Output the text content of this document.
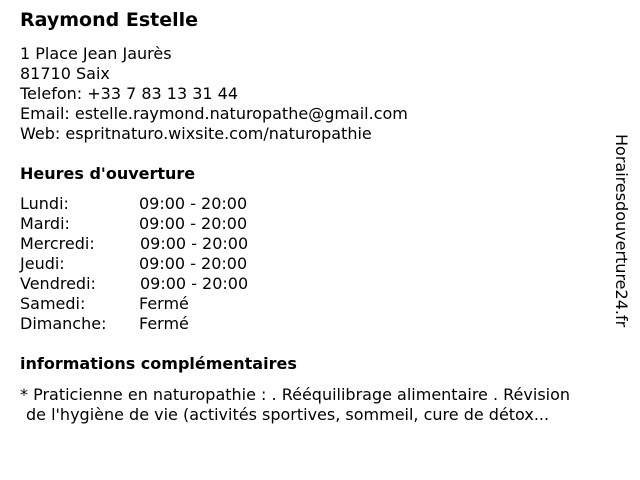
Raymond Estelle
1 Place Jean Jaurès
81710 Saix
Telefon: +33 7 83 13 31 44
Email: estelle.raymond.naturopathe@gmail.com
Web: espritnaturo.wixsite.com/naturopathie
Heures d'ouverture
Lundi:	09:00 - 20:00
Mardi:	09:00 - 20:00
Mercredi:	09:00 - 20:00
Jeudi:	09:00 - 20:00
Vendredi:	09:00 - 20:00
Samedi:	Fermé
Dimanche: Fermé
informations complémentaires
* Praticienne en naturopathie : . Rééquilibrage alimentaire . Révision
de l'hygiène de vie (activités sportives, sommeil, cure de détox...
Horairesdouverture24.fr
